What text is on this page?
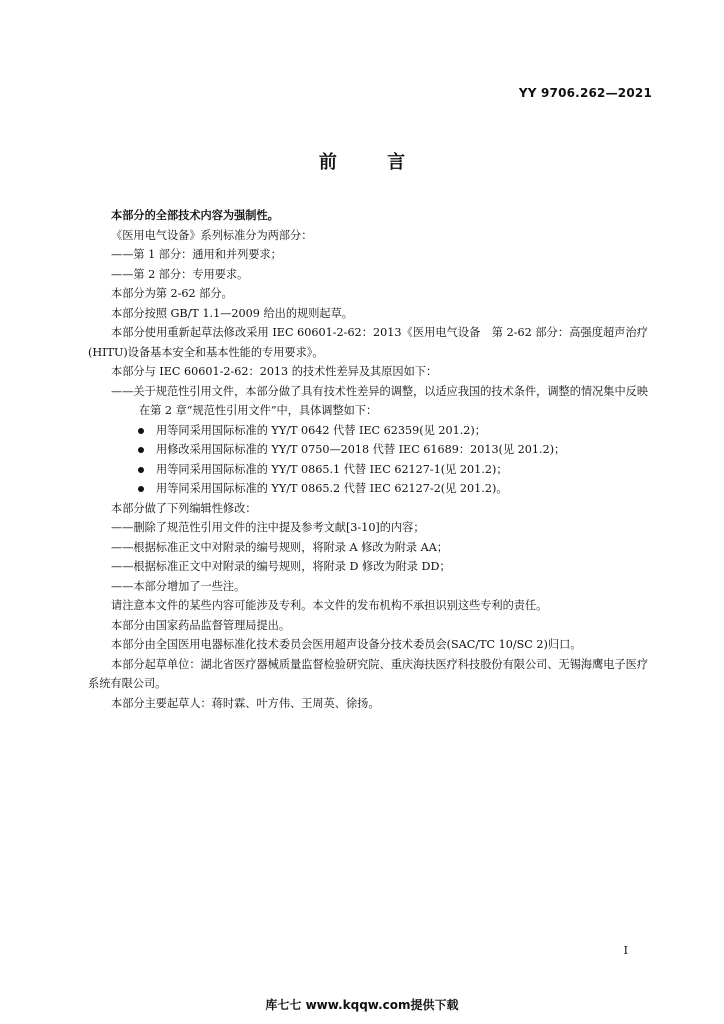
YY 9706.262—2021
前 言

本部分的全部技术内容为强制性。

《医用电气设备》系列标准分为两部分：

——第 1 部分：通用和并列要求；

——第 2 部分：专用要求。

本部分为第 2-62 部分。

本部分按照 GB/T 1.1—2009 给出的规则起草。

本部分使用重新起草法修改采用 IEC 60601-2-62：2013《医用电气设备　第 2-62 部分：高强度超声治疗(HITU)设备基本安全和基本性能的专用要求》。

本部分与 IEC 60601-2-62：2013 的技术性差异及其原因如下：

——关于规范性引用文件，本部分做了具有技术性差异的调整，以适应我国的技术条件，调整的情况集中反映在第 2 章“规范性引用文件”中，具体调整如下：

用等同采用国际标准的 YY/T 0642 代替 IEC 62359(见 201.2)；

用修改采用国际标准的 YY/T 0750—2018 代替 IEC 61689：2013(见 201.2)；

用等同采用国际标准的 YY/T 0865.1 代替 IEC 62127-1(见 201.2)；

用等同采用国际标准的 YY/T 0865.2 代替 IEC 62127-2(见 201.2)。

本部分做了下列编辑性修改：

——删除了规范性引用文件的注中提及参考文献[3-10]的内容；

——根据标准正文中对附录的编号规则，将附录 A 修改为附录 AA；

——根据标准正文中对附录的编号规则，将附录 D 修改为附录 DD；

——本部分增加了一些注。

请注意本文件的某些内容可能涉及专利。本文件的发布机构不承担识别这些专利的责任。

本部分由国家药品监督管理局提出。

本部分由全国医用电器标准化技术委员会医用超声设备分技术委员会(SAC/TC 10/SC 2)归口。

本部分起草单位：湖北省医疗器械质量监督检验研究院、重庆海扶医疗科技股份有限公司、无锡海鹰电子医疗系统有限公司。

本部分主要起草人：蒋时霖、叶方伟、王周英、徐扬。

I
库七七 www.kqqw.com提供下载
